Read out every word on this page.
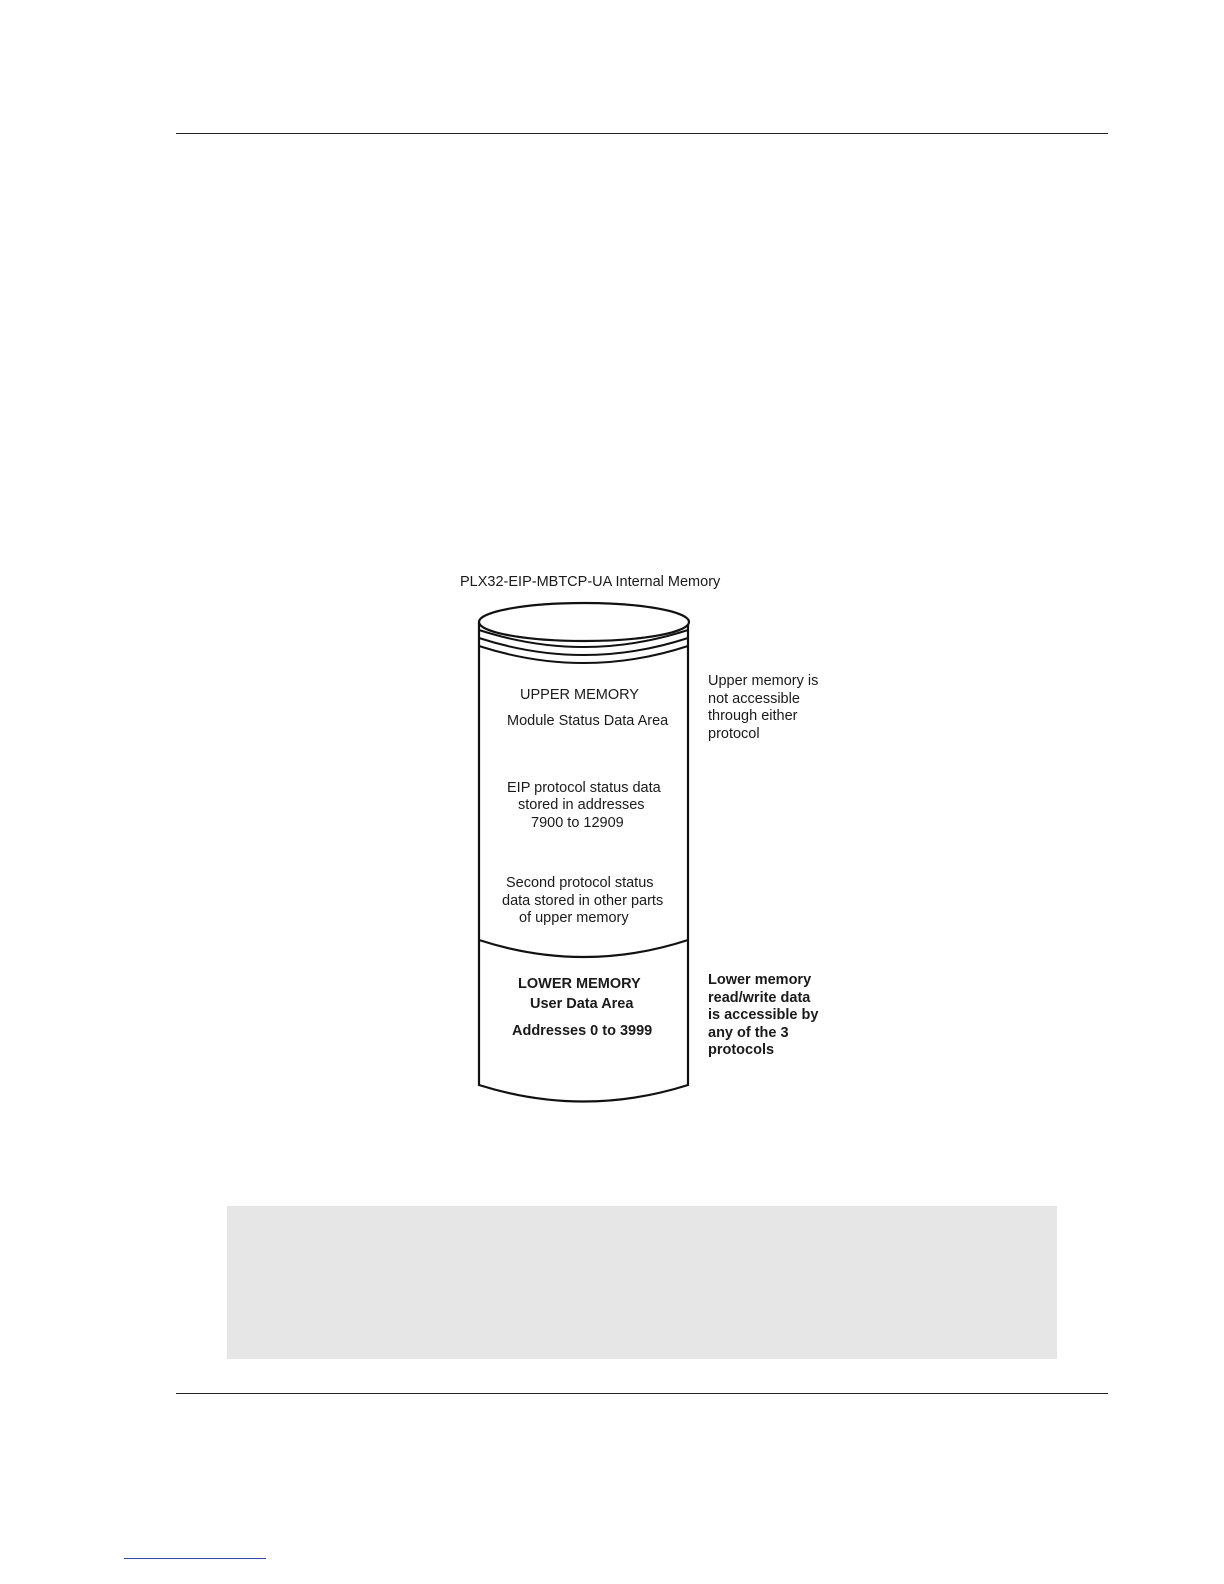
PLX32-EIP-MBTCP-UA Internal Memory
UPPER MEMORY
Module Status Data Area
EIP protocol status data
stored in addresses
7900 to 12909
Second protocol status
data stored in other parts
of upper memory
LOWER MEMORY
User Data Area
Addresses 0 to 3999
Upper memory is
not accessible
through either
protocol
Lower memory
read/write data
is accessible by
any of the 3
protocols
